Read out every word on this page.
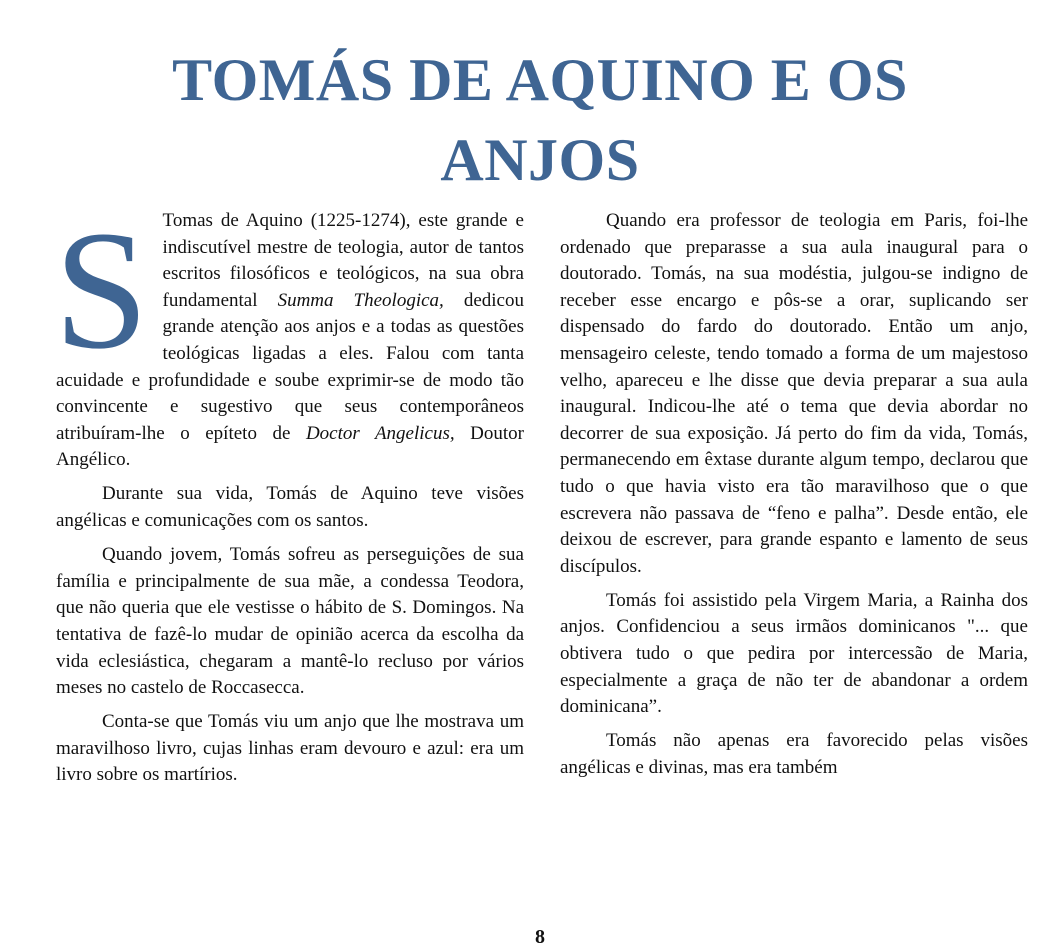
TOMÁS DE AQUINO E OS
ANJOS

S Tomas de Aquino (1225-1274), este grande e indiscutível mestre de teologia, autor de tantos escritos filosóficos e teológicos, na sua obra fundamental Summa Theologica, dedicou grande atenção aos anjos e a todas as questões teológicas ligadas a eles. Falou com tanta acuidade e profundidade e soube exprimir-se de modo tão convincente e sugestivo que seus contemporâneos atribuíram-lhe o epíteto de Doctor Angelicus, Doutor Angélico.

Durante sua vida, Tomás de Aquino teve visões angélicas e comunicações com os santos.

Quando jovem, Tomás sofreu as perseguições de sua família e principalmente de sua mãe, a condessa Teodora, que não queria que ele vestisse o hábito de S. Domingos. Na tentativa de fazê-lo mudar de opinião acerca da escolha da vida eclesiástica, chegaram a mantê-lo recluso por vários meses no castelo de Roccasecca.

Conta-se que Tomás viu um anjo que lhe mostrava um maravilhoso livro, cujas linhas eram devouro e azul: era um livro sobre os martírios.

Quando era professor de teologia em Paris, foi-lhe ordenado que preparasse a sua aula inaugural para o doutorado. Tomás, na sua modéstia, julgou-se indigno de receber esse encargo e pôs-se a orar, suplicando ser dispensado do fardo do doutorado. Então um anjo, mensageiro celeste, tendo tomado a forma de um majestoso velho, apareceu e lhe disse que devia preparar a sua aula inaugural. Indicou-lhe até o tema que devia abordar no decorrer de sua exposição. Já perto do fim da vida, Tomás, permanecendo em êxtase durante algum tempo, declarou que tudo o que havia visto era tão maravilhoso que o que escrevera não passava de “feno e palha”. Desde então, ele deixou de escrever, para grande espanto e lamento de seus discípulos.

Tomás foi assistido pela Virgem Maria, a Rainha dos anjos. Confidenciou a seus irmãos dominicanos "... que obtivera tudo o que pedira por intercessão de Maria, especialmente a graça de não ter de abandonar a ordem dominicana”.

Tomás não apenas era favorecido pelas visões angélicas e divinas, mas era também

8
